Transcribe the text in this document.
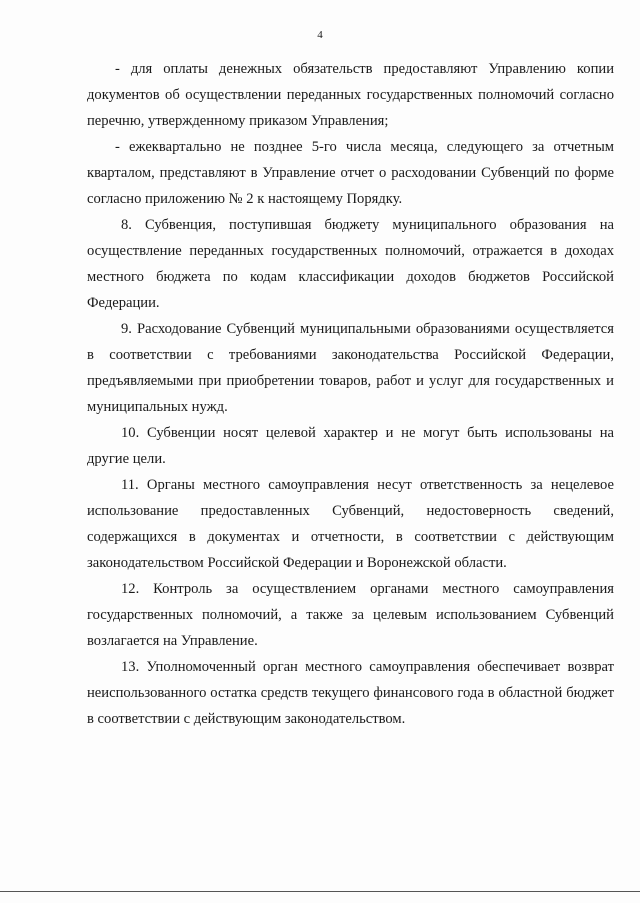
4

- для оплаты денежных обязательств предоставляют Управлению копии документов об осуществлении переданных государственных полномочий согласно перечню, утвержденному приказом Управления;

- ежеквартально не позднее 5-го числа месяца, следующего за отчетным кварталом, представляют в Управление отчет о расходовании Субвенций по форме согласно приложению № 2 к настоящему Порядку.

8. Субвенция, поступившая бюджету муниципального образования на осуществление переданных государственных полномочий, отражается в доходах местного бюджета по кодам классификации доходов бюджетов Российской Федерации.

9. Расходование Субвенций муниципальными образованиями осуществляется в соответствии с требованиями законодательства Российской Федерации, предъявляемыми при приобретении товаров, работ и услуг для государственных и муниципальных нужд.

10. Субвенции носят целевой характер и не могут быть использованы на другие цели.

11. Органы местного самоуправления несут ответственность за нецелевое использование предоставленных Субвенций, недостоверность сведений, содержащихся в документах и отчетности, в соответствии с действующим законодательством Российской Федерации и Воронежской области.

12. Контроль за осуществлением органами местного самоуправления государственных полномочий, а также за целевым использованием Субвенций возлагается на Управление.

13. Уполномоченный орган местного самоуправления обеспечивает возврат неиспользованного остатка средств текущего финансового года в областной бюджет в соответствии с действующим законодательством.
